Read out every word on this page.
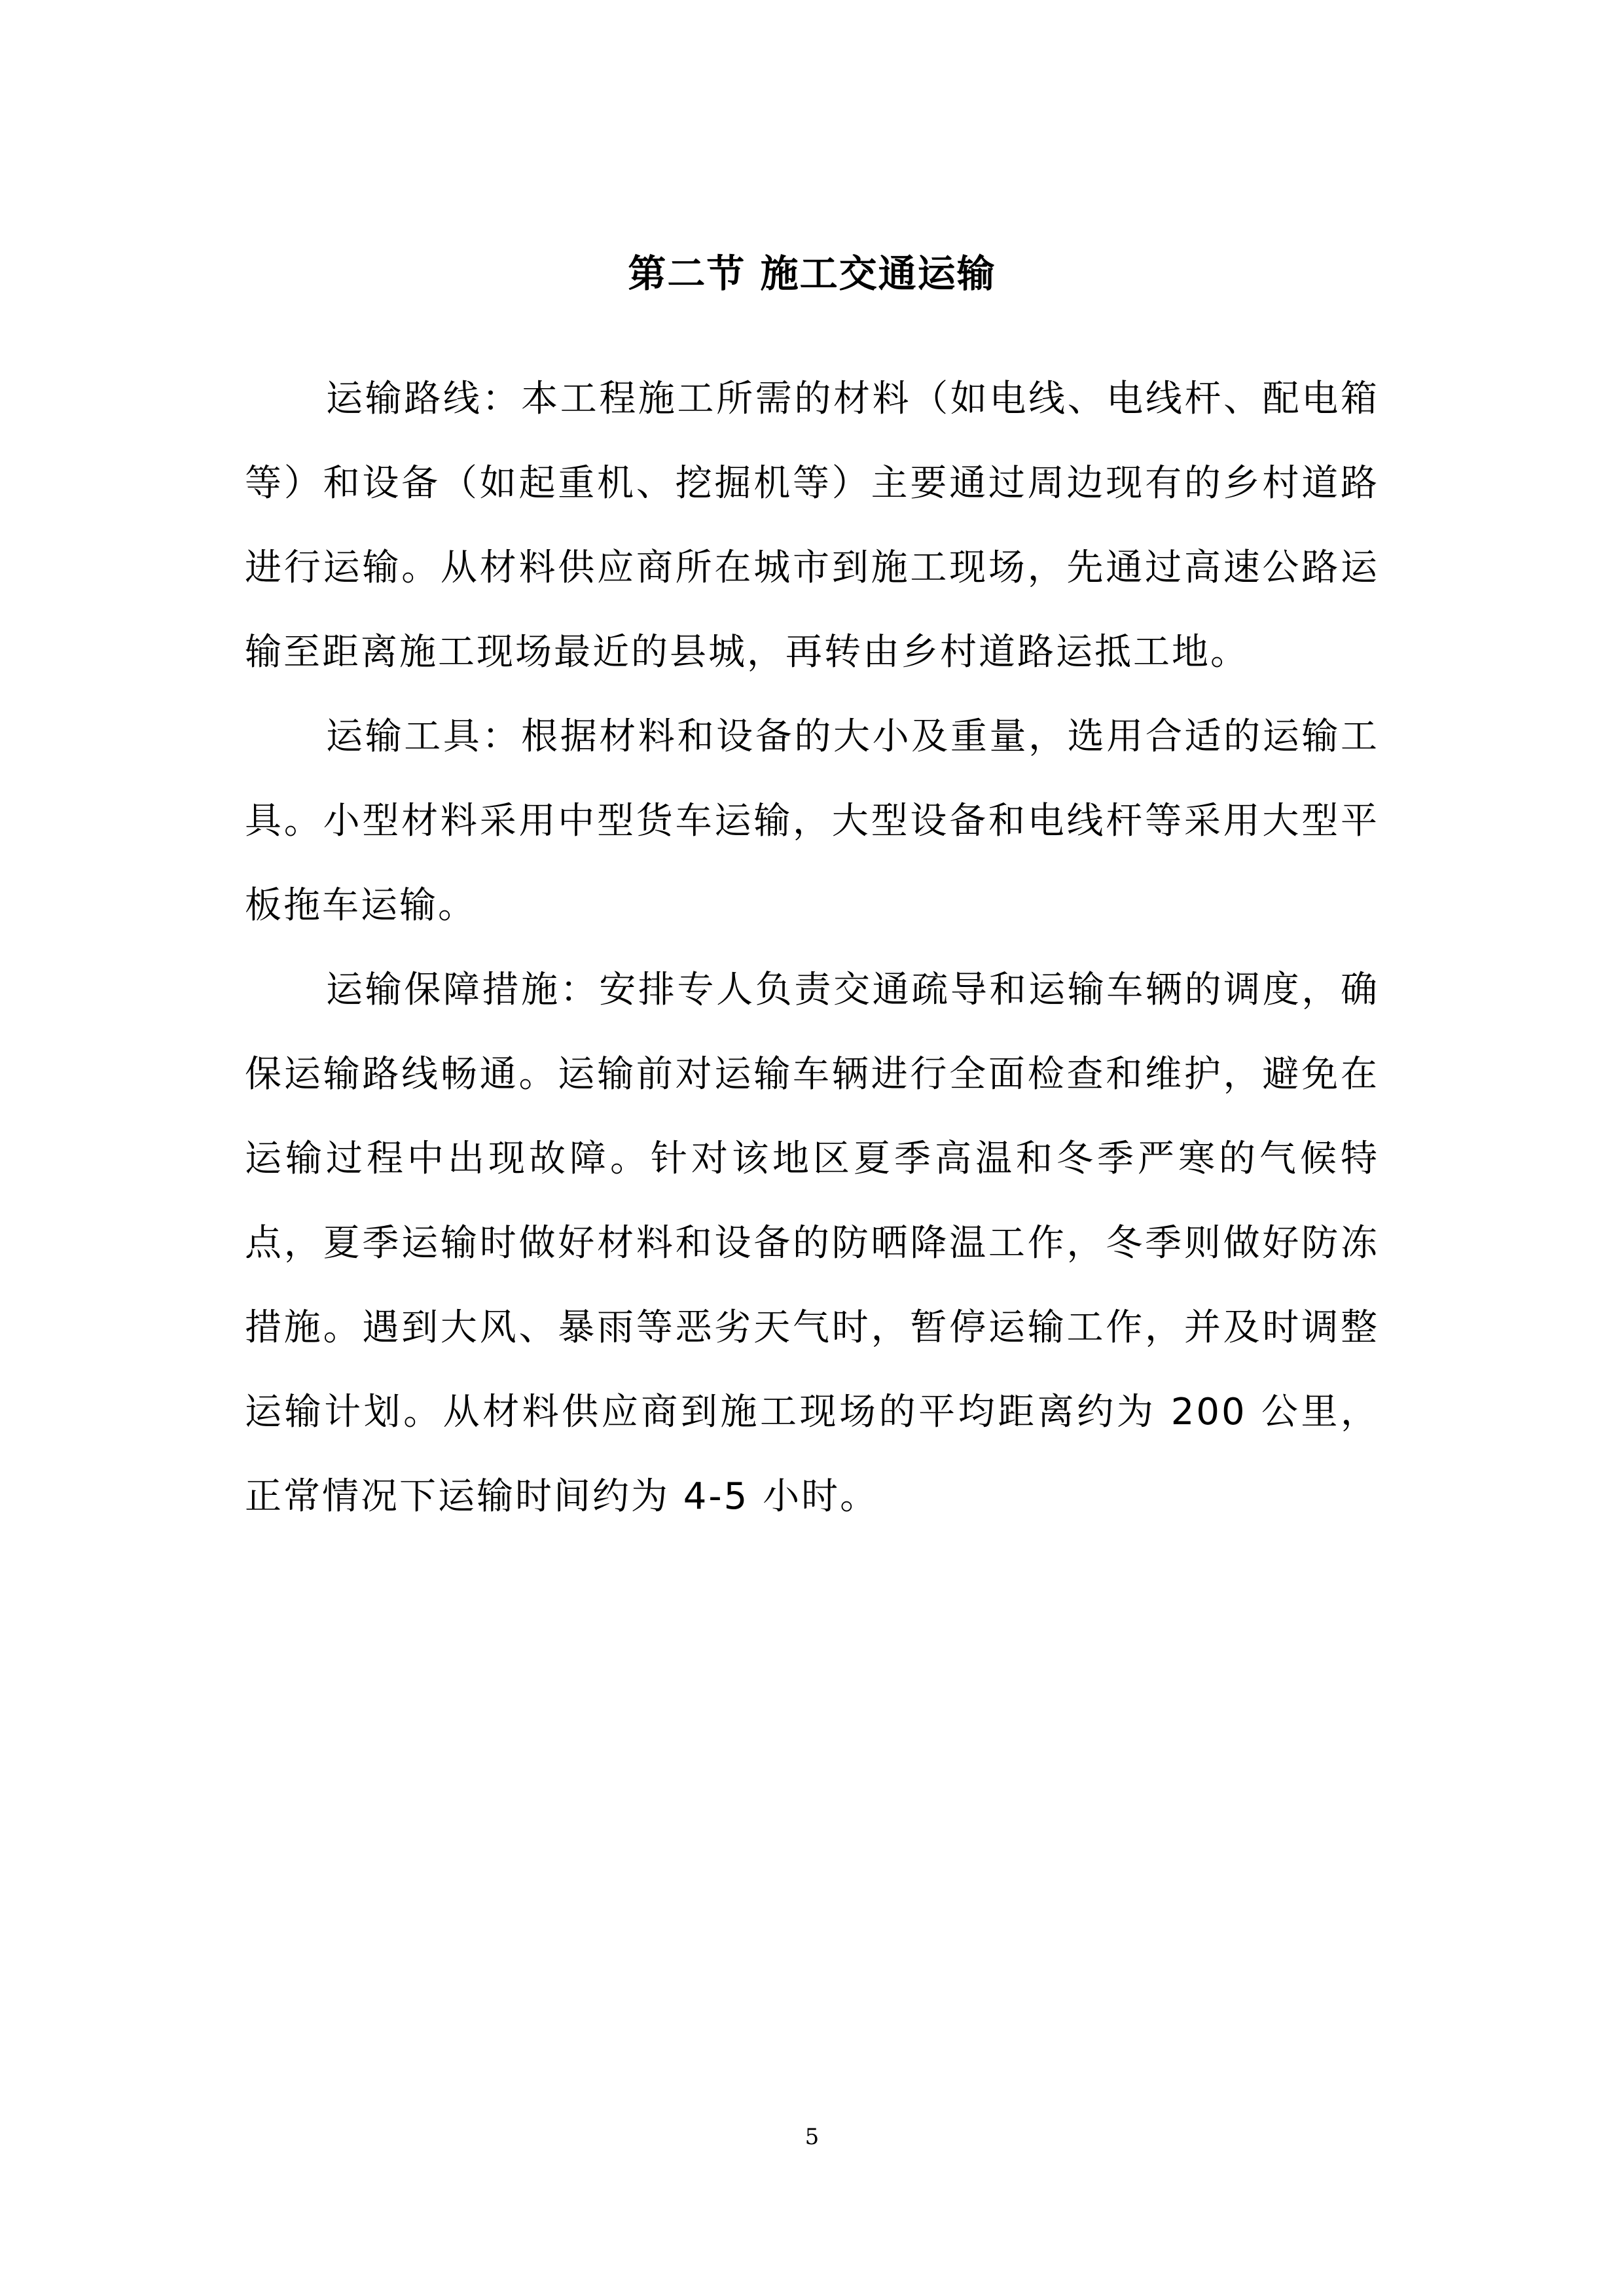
第二节 施工交通运输

运输路线：本工程施工所需的材料（如电线、电线杆、配电箱等）和设备（如起重机、挖掘机等）主要通过周边现有的乡村道路进行运输。从材料供应商所在城市到施工现场，先通过高速公路运输至距离施工现场最近的县城，再转由乡村道路运抵工地。

运输工具：根据材料和设备的大小及重量，选用合适的运输工具。小型材料采用中型货车运输，大型设备和电线杆等采用大型平板拖车运输。

运输保障措施：安排专人负责交通疏导和运输车辆的调度，确保运输路线畅通。运输前对运输车辆进行全面检查和维护，避免在运输过程中出现故障。针对该地区夏季高温和冬季严寒的气候特点，夏季运输时做好材料和设备的防晒降温工作，冬季则做好防冻措施。遇到大风、暴雨等恶劣天气时，暂停运输工作，并及时调整运输计划。从材料供应商到施工现场的平均距离约为 200 公里，正常情况下运输时间约为 4-5 小时。

5
